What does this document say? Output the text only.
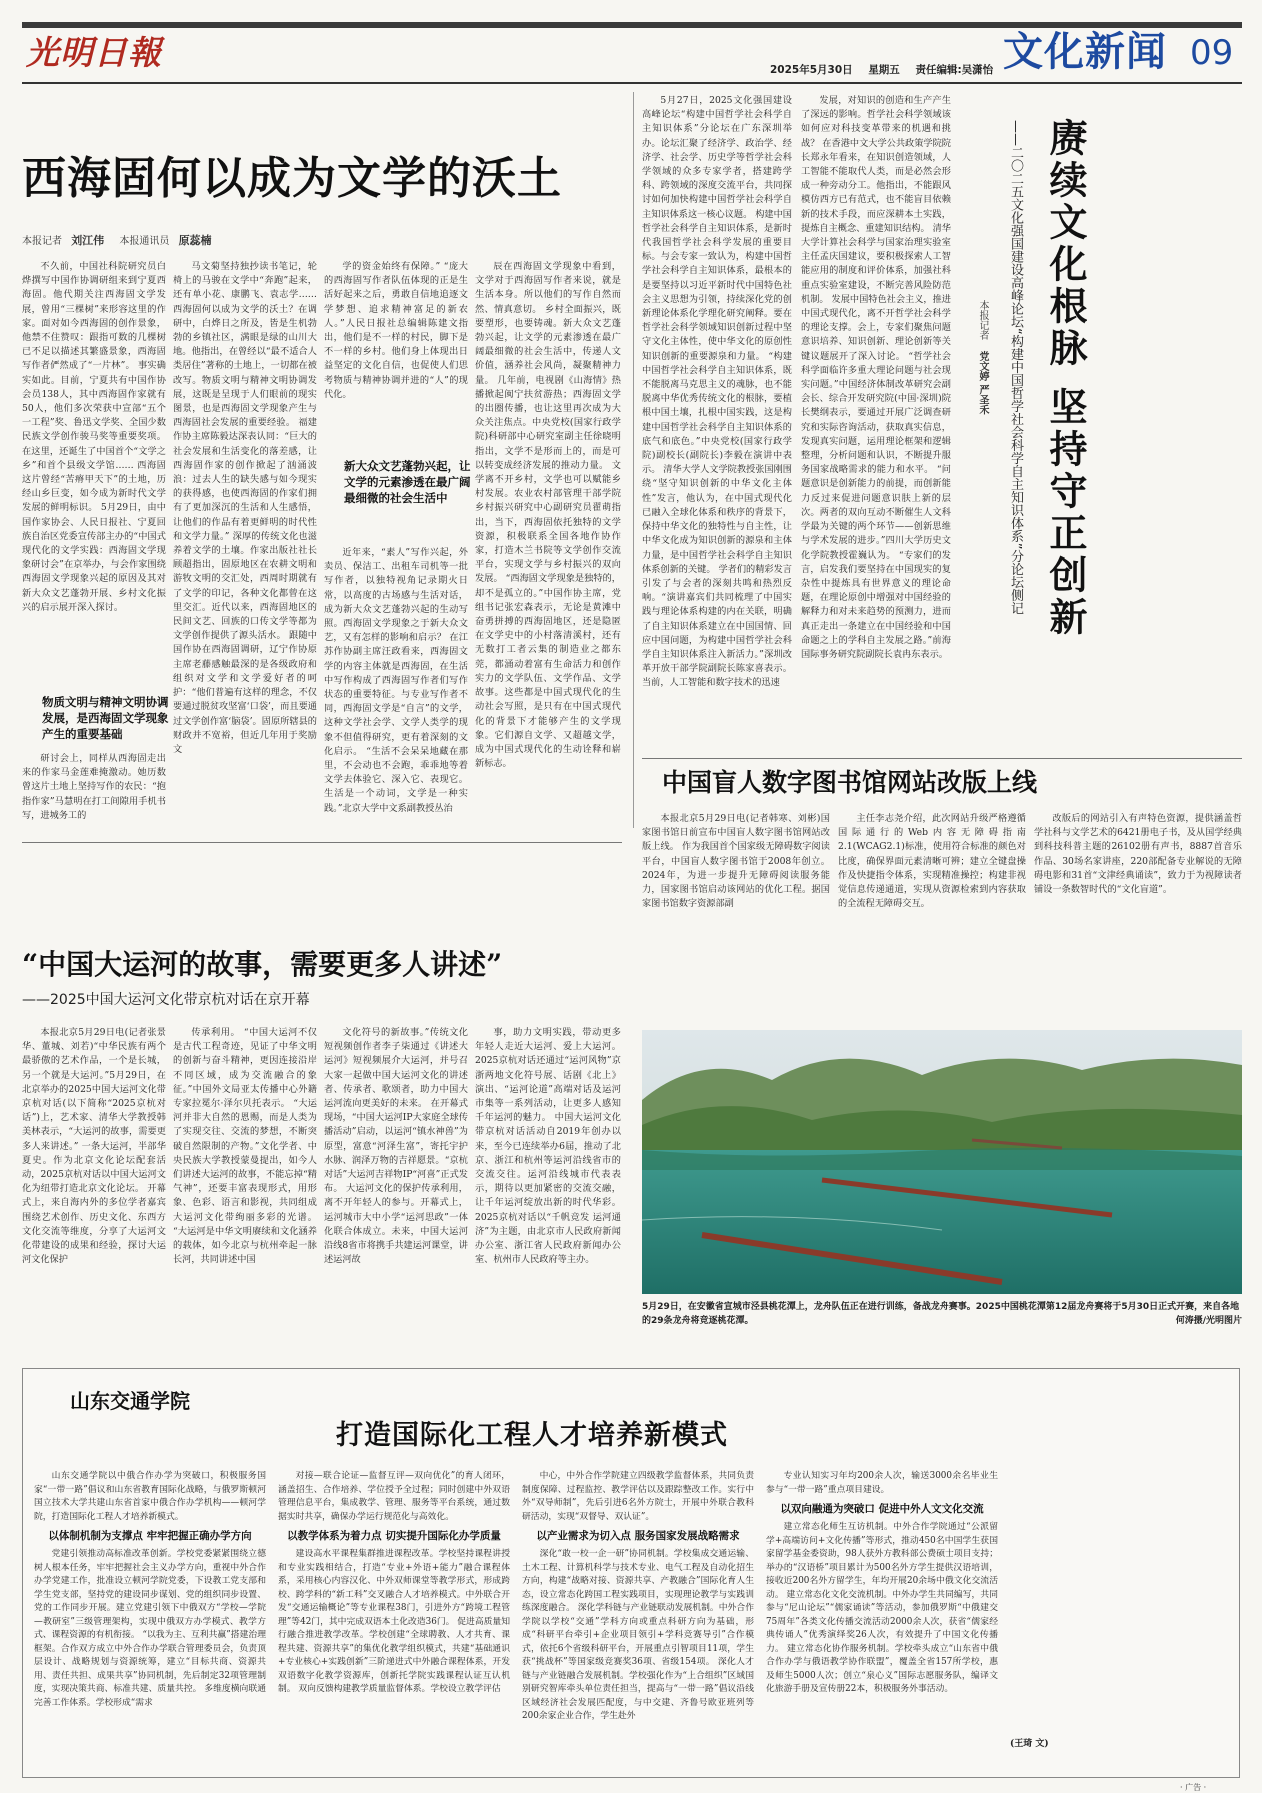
光明日報	2025年5月30日 星期五 责任编辑:吴潇怡 文化新闻 09
西海固何以成为文学的沃土
本报记者 刘江伟 本报通讯员 原蕊楠

不久前，中国社科院研究员白烨撰写中国作协调研组来到宁夏西海固。他代期关注西海固文学发展，曾用“三棵树”来形容这里的作家。面对如今西海固的创作景象，他禁不住赞叹：跟指可数的几棵树已不足以描述其繁盛景象，西海固写作者俨然成了“一片林”。 事实确实如此。目前，宁夏共有中国作协会员138人，其中西海固作家就有50人，他们多次荣获中宣部“五个一工程”奖、鲁迅文学奖、全国少数民族文学创作骏马奖等重要奖项。在这里，还诞生了中国首个“文学之乡”和首个县级文学馆…… 西海固这片曾经“苦瘠甲天下”的土地，历经山乡巨变，如今成为新时代文学发展的鲜明标识。 5月29日，由中国作家协会、人民日报社、宁夏回族自治区党委宣传部主办的“中国式现代化的文学实践：西海固文学现象研讨会”在京举办，与会作家围绕西海固文学现象兴起的原因及其对新大众文艺蓬勃开展、乡村文化振兴的启示展开深入探讨。

物质文明与精神文明协调发展，是西海固文学现象产生的重要基础

研讨会上，同样从西海固走出来的作家马金莲难掩激动。她历数曾这片土地上坚持写作的农民：“抱指作家”马慧明在打工间隙用手机书写，进城务工的

马文菊坚持独抄读书笔记，轮椅上的马骏在文学中“奔跑”起来，还有单小花、康鹏飞、袁志学…… 西海固何以成为文学的沃土？在调研中，白烨日之所及，皆是生机勃勃的乡镇社区，满眼是绿的山川大地。他指出，在曾经以“最不适合人类居住”著称的土地上，一切都在被改写。物质文明与精神文明协调发展，这既是呈现于人们眼前的现实图景，也是西海固文学现象产生与西海固社会发展的重要经验。 福建作协主席陈毅达深表认同：“巨大的社会发展和生活变化的落差感，让西海固作家的创作掀起了汹涌波浪：过去人生的缺失感与如今现实的获得感，也使西海固的作家们拥有了更加深沉的生活和人生感悟，让他们的作品有着更鲜明的时代性和文学力量。” 深厚的传统文化也滋养着文学的土壤。作家出版社社长顾超指出，固原地区在农耕文明和游牧文明的交汇处，西周时期就有了文学的印记，各种文化都曾在这里交汇。近代以来，西海固地区的民间文艺、回族的口传文学等都为文学创作提供了源头活水。 跟随中国作协在西海固调研，辽宁作协原主席老藤感触最深的是各级政府和组织对文学和文学爱好者的呵护：“他们普遍有这样的理念，不仅要通过脱贫攻坚富‘口袋’，而且要通过文学创作富‘脑袋’。固原所辖县的财政并不宽裕，但近几年用于奖励文

学的资金始终有保障。” “庞大的西海固写作者队伍体现的正是生活好起来之后，勇敢自信地追逐文学梦想、追求精神富足的新农人。”人民日报社总编辑陈建文指出，他们是不一样的村民，脚下是不一样的乡村。他们身上体现出日益坚定的文化自信，也促使人们思考物质与精神协调并进的“人”的现代化。

新大众文艺蓬勃兴起，让文学的元素渗透在最广阔最细微的社会生活中

近年来，“素人”写作兴起，外卖员、保洁工、出租车司机等一批写作者，以独特视角记录期火日常，以高度的古场感与生活对话，成为新大众文艺蓬勃兴起的生动写照。西海固文学现象之于新大众文艺，又有怎样的影响和启示？ 在江苏作协副主席汪政看来，西海固文学的内容主体就是西海固，在生活中写作构成了西海固写作者们写作状态的重要特征。与专业写作者不同，西海固文学是“自言”的文学，这种文学社会学、文学人类学的现象不但值得研究，更有着深刻的文化启示。 “生活不会呆呆地藏在那里，不会动也不会跑，乖乖地等着文学去体验它、深入它、表现它。生活是一个动词，文学是一种实践。”北京大学中文系副教授丛治

辰在西海固文学现象中看到，文学对于西海固写作者来说，就是生活本身。所以他们的写作自然而然、情真意切。 乡村全面振兴，既要塑形，也要铸魂。新大众文艺蓬勃兴起，让文学的元素渗透在最广阔最细微的社会生活中，传递人文价值，涵养社会风尚，凝聚精神力量。 几年前，电视剧《山海情》热播掀起闽宁扶贫游热；西海固文学的出圈传播，也让这里再次成为大众关注焦点。中央党校(国家行政学院)科研部中心研究室副主任徐晓明指出，文学不是形而上的，而是可以转变成经济发展的推动力量。 文学离不开乡村，文学也可以赋能乡村发展。农业农村部管理干部学院乡村振兴研究中心副研究员翟萌指出，当下，西海固依托独特的文学资源，积极联系全国各地作协作家，打造木兰书院等文学创作交流平台，实现文学与乡村振兴的双向发展。 “西海固文学现象是独特的，却不是孤立的。”中国作协主席，党组书记张宏森表示，无论是黄滩中奋勇拼搏的西海固地区，还是隐匿在文学史中的小村落清溪村，还有无数打工者云集的制造业之都东莞，都涌动着富有生命活力和创作实力的文学队伍、文学作品、文学故事。这些都是中国式现代化的生动社会写照，是只有在中国式现代化的背景下才能够产生的文学现象。它们源自文学、又超越文学，成为中国式现代化的生动诠释和崭新标志。

5月27日，2025文化强国建设高峰论坛“构建中国哲学社会科学自主知识体系”分论坛在广东深圳举办。论坛汇聚了经济学、政治学、经济学、社会学、历史学等哲学社会科学领域的众多专家学者，搭建跨学科、跨领域的深度交流平台，共同探讨如何加快构建中国哲学社会科学自主知识体系这一核心议题。 构建中国哲学社会科学自主知识体系，是新时代我国哲学社会科学发展的重要目标。与会专家一致认为，构建中国哲学社会科学自主知识体系，最根本的是要坚持以习近平新时代中国特色社会主义思想为引领，持续深化党的创新理论体系化学理化研究阐释。要在哲学社会科学领域知识创新过程中坚守文化主体性，使中华文化的原创性知识创新的重要源泉和力量。 “构建中国哲学社会科学自主知识体系，既不能脱离马克思主义的魂脉，也不能脱离中华优秀传统文化的根脉，要植根中国土壤，扎根中国实践，这是构建中国哲学社会科学自主知识体系的底气和底色。”中央党校(国家行政学院)副校长(副院长)李毅在演讲中表示。 清华大学人文学院教授张国刚围绕“坚守知识创新的中华文化主体性”发言，他认为，在中国式现代化已融入全球化体系和秩序的背景下，保持中华文化的独特性与自主性，让中华文化成为知识创新的源泉和主体力量，是中国哲学社会科学自主知识体系创新的关键。 学者们的精彩发言引发了与会者的深刻共鸣和热烈反响。“演讲嘉宾们共同梳理了中国实践与理论体系构建的内在关联，明确了自主知识体系建立在中国国情、回应中国问题，为构建中国哲学社会科学自主知识体系注入新活力。”深圳改革开放干部学院副院长陈家喜表示。 当前，人工智能和数字技术的迅速

发展，对知识的创造和生产产生了深远的影响。哲学社会科学领域该如何应对科技变革带来的机遇和挑战？ 在香港中文大学公共政策学院院长郑永年看来，在知识创造领域，人工智能不能取代人类，而是必然会形成一种旁动分工。他指出，不能跟风模仿西方已有范式，也不能盲目依赖新的技术手段，而应深耕本土实践，提炼自主概念、重建知识结构。 清华大学计算社会科学与国家治理实验室主任孟庆国建议，要积极探索人工智能应用的制度和评价体系，加强社科重点实验室建设，不断完善风险防范机制。 发展中国特色社会主义，推进中国式现代化，离不开哲学社会科学的理论支撑。会上，专家们聚焦问题意识培养、知识创新、理论创新等关键议题展开了深入讨论。 “哲学社会科学面临许多重大理论问题与社会现实问题。”中国经济体制改革研究会副会长、综合开发研究院(中国·深圳)院长樊纲表示，要通过开展广泛调查研究和实际咨询活动，获取真实信息，发现真实问题，运用理论框架和逻辑整理，分析问题和认识，不断提升服务国家战略需求的能力和水平。 “问题意识是创新能力的前提，而创新能力反过来促进问题意识肤上新的层次。两者的双向互动不断催生人文科学最为关键的两个环节——创新思维与学术发展的进步。”四川大学历史文化学院教授霍巍认为。 “专家们的发言，启发我们要坚持在中国现实的复杂性中提炼具有世界意义的理论命题，在理论原创中增强对中国经验的解释力和对未来趋势的预测力，进而真正走出一条建立在中国经验和中国命题之上的学科自主发展之路。”前海国际事务研究院副院长袁冉东表示。

本报记者 党文婷 严圣禾	——二〇二五文化强国建设高峰论坛“构建中国哲学社会科学自主知识体系”分论坛侧记 赓续文化根脉 坚持守正创新
中国盲人数字图书馆网站改版上线

本报北京5月29日电(记者韩寒、刘彬)国家图书馆日前宣布中国盲人数字图书馆网站改版上线。 作为我国首个国家级无障碍数字阅读平台，中国盲人数字图书馆于2008年创立。2024年，为进一步提升无障碍阅读服务能力，国家图书馆启动该网站的优化工程。据国家图书馆数字资源部副

主任李志尧介绍，此次网站升级严格遵循国际通行的Web内容无障碍指南2.1(WCAG2.1)标准，使用符合标准的颜色对比度，确保界面元素清晰可辨；建立全键盘操作及快捷指令体系，实现精准操控；构建非视觉信息传递通道，实现从资源检索到内容获取的全流程无障碍交互。

改版后的网站引入有声特色资源，提供涵盖哲学社科与文学艺术的6421册电子书，及从国学经典到科技科普主题的26102册有声书，8887首音乐作品、30场名家讲座，220部配备专业解说的无障碍电影和31首“文津经典诵读”，致力于为视障读者铺设一条数智时代的“文化盲道”。

“中国大运河的故事，需要更多人讲述”
——2025中国大运河文化带京杭对话在京开幕

本报北京5月29日电(记者张景华、董城、刘若)“中华民族有两个最骄傲的艺术作品，一个是长城，另一个就是大运河。”5月29日，在北京举办的2025中国大运河文化带京杭对话(以下简称“2025京杭对话”)上，艺术家、清华大学教授韩美林表示，“大运河的故事，需要更多人来讲述。” 一条大运河，半部华夏史。作为北京文化论坛配套活动，2025京杭对话以中国大运河文化为纽带打造北京文化论坛。 开幕式上，来自海内外的多位学者嘉宾围绕艺术创作、历史文化、东西方文化交流等维度，分享了大运河文化带建设的成果和经验，探讨大运河文化保护

传承利用。 “中国大运河不仅是古代工程奇迹，见证了中华文明的创新与奋斗精神，更因连接沿岸不同区域，成为交流融合的象征。”中国外文局亚太传播中心外籍专家拉冕尔·泽尔贝托表示。 “大运河并非大自然的恩赐，而是人类为了实现交往、交流的梦想，不断突破自然限制的产物。”文化学者、中央民族大学教授蒙曼提出，如今人们讲述大运河的故事，不能忘掉“精气神”，还要丰富表现形式，用形象、色彩、语言和影视，共同组成大运河文化带绚丽多彩的光谱。 “大运河是中华文明赓续和文化涵养的载体，如今北京与杭州牵起一脉长河，共同讲述中国

文化符号的新故事。”传统文化短视频创作者李子柒通过《讲述大运河》短视频展介大运河，并号召大家一起做中国大运河文化的讲述者、传承者、歌颂者，助力中国大运河流向更美好的未来。 在开幕式现场，“中国大运河IP大家庭全球传播活动”启动，以运河“镇水神兽”为原型，富意“河泽生富”，寄托宇护水脉、润泽万物的吉祥愿景。“京杭对话”大运河吉祥物IP“河喜”正式发布。 大运河文化的保护传承利用，离不开年轻人的参与。开幕式上，运河城市大中小学“运河思政”一体化联合体成立。未来，中国大运河沿线8省市将携手共建运河课堂，讲述运河故

事，助力文明实践，带动更多年轻人走近大运河、爱上大运河。 2025京杭对话还通过“运河风物”京浙两地文化符号展、话剧《北上》演出、“运河论道”高端对话及运河市集等一系列活动，让更多人感知千年运河的魅力。 中国大运河文化带京杭对话活动自2019年创办以来，至今已连续举办6届，推动了北京、浙江和杭州等运河沿线省市的交流交往。运河沿线城市代表表示，期待以更加紧密的交流交融，让千年运河绽放出新的时代华彩。 2025京杭对话以“千帆竞发 运河通济”为主题，由北京市人民政府新闻办公室、浙江省人民政府新闻办公室、杭州市人民政府等主办。

5月29日，在安徽省宣城市泾县桃花潭上，龙舟队伍正在进行训练，备战龙舟赛事。2025中国桃花潭第12届龙舟赛将于5月30日正式开赛，来自各地的29条龙舟将竞逐桃花潭。	何涛摄/光明图片
山东交通学院
打造国际化工程人才培养新模式

山东交通学院以中俄合作办学为突破口，积极服务国家“一带一路”倡议和山东省教育国际化战略，与俄罗斯顿河国立技术大学共建山东省首家中俄合作办学机构——顿河学院，打造国际化工程人才培养新模式。

以体制机制为支撑点 牢牢把握正确办学方向

党建引领推动高标准改革创新。学校党委紧紧围绕立德树人根本任务，牢牢把握社会主义办学方向，重视中外合作办学党建工作，批准设立顿河学院党委，下设教工党支部和学生党支部，坚持党的建设同步谋划、党的组织同步设置、党的工作同步开展。建立党建引领下中俄双方“学校—学院—教研室”三级管理架构，实现中俄双方办学模式、教学方式、课程资源的有机衔接。 “以我为主、互利共赢”搭建治理框架。合作双方成立中外合作办学联合管理委员会，负责顶层设计、战略规划与资源统筹，建立“目标共商、资源共用、责任共担、成果共享”协同机制，先后制定32项管理制度，实现决策共商、标准共建、质量共控。 多维度横向联通完善工作体系。学校形成“需求

对接—联合论证—监督互评—双向优化”的育人闭环，涵盖招生、合作培养、学位授予全过程；同时创建中外双语管理信息平台，集成教学、管理、服务等平台系统，通过数据实时共享，确保办学运行规范化与高效化。

以教学体系为着力点 切实提升国际化办学质量

建设高水平课程集群推进课程改革。学校坚持课程讲授和专业实践相结合，打造“专业+外语+能力”融合课程体系，采用核心内容汉化、中外双师课堂等教学形式，形成跨校、跨学科的“新工科”交叉融合人才培养模式。中外联合开发“交通运输概论”等专业课程38门，引进外方“跨境工程管理”等42门，其中完成双语本土化改造36门。 促进高质量知行融合推进教学改革。学校创建“全球聘教、人才共育、课程共建、资源共享”的集优化教学组织模式，共建“基础通识+专业核心+实践创新”三阶递进式中外融合课程体系，开发双语数字化教学资源库，创新托学院实践课程认证互认机制。 双向反馈构建教学质量监督体系。学校设立教学评估

中心，中外合作学院建立四级教学监督体系，共同负责制度保障、过程监控、教学评估以及跟踪整改工作。实行中外“双导师制”，先后引进6名外方院士，开展中外联合教科研活动，实现“双督导、双认证”。

以产业需求为切入点 服务国家发展战略需求

深化“敢一校一企一研”协同机制。学校集成交通运输、土木工程、计算机科学与技术专业、电气工程及自动化招生方向，构建“战略对接、资源共享、产教融合”国际化育人生态，设立常态化跨国工程实践项目，实现理论教学与实践训练深度融合。 深化学科链与产业链联动发展机制。中外合作学院以学校“交通”学科方向或重点科研方向为基础，形成“科研平台牵引+企业项目领引+学科竞赛导引”合作模式，依托6个省级科研平台，开展重点引智项目11项，学生获“挑战杯”等国家级竞赛奖36项、省级154项。 深化人才链与产业链融合发展机制。学校强化作为“上合组织”区域国别研究智库牵头单位责任担当，提高与“一带一路”倡议沿线区域经济社会发展匹配度，与中交建、齐鲁号欧亚班列等200余家企业合作，学生赴外

专业认知实习年均200余人次，输送3000余名毕业生参与“一带一路”重点项目建设。

以双向融通为突破口 促进中外人文文化交流

建立常态化师生互访机制。中外合作学院通过“公派留学+高端访问+文化传播”等形式，推动450名中国学生获国家留学基金委资助，98人获外方教科部公费硕士项目支持；举办的“汉语桥”项目累计为500名外方学生提供汉语培训，接收近200名外方留学生，年均开展20余场中俄文化交流活动。 建立常态化文化交流机制。中外办学生共同编写，共同参与“尼山论坛”“儒家诵读”等活动，参加俄罗斯“中俄建交75周年”各类文化传播交流活动2000余人次，获省“儒家经典传诵人”优秀演绎奖26人次，有效提升了中国文化传播力。 建立常态化协作服务机制。学校牵头成立“山东省中俄合作办学与俄语教学协作联盟”，覆盖全省157所学校，惠及师生5000人次；创立“泉心义”国际志愿服务队，编译文化旅游手册及宣传册22本，积极服务外事活动。

(王琦 文)
· 广告 ·
